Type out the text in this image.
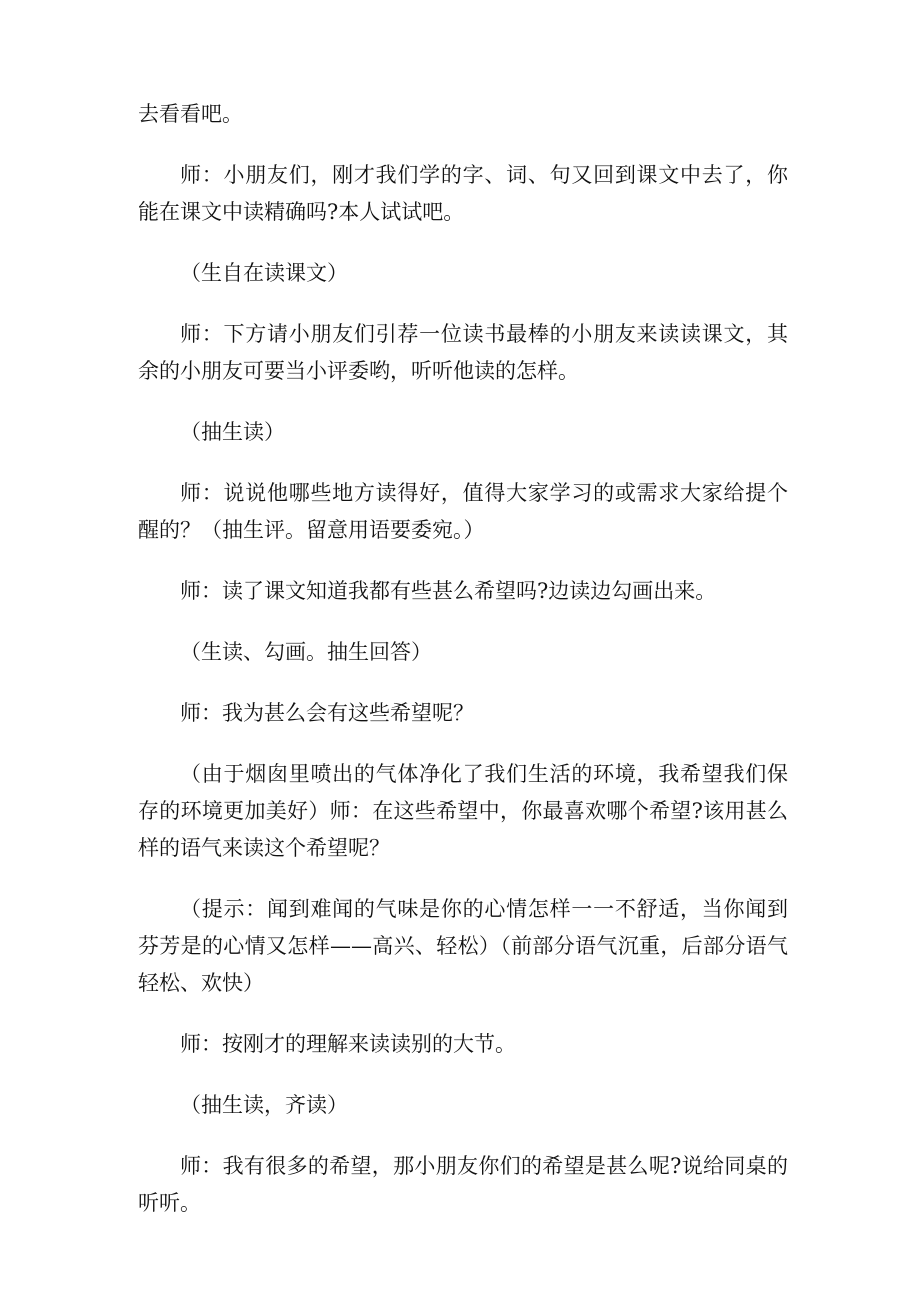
去看看吧。

师：小朋友们，刚才我们学的字、词、句又回到课文中去了，你能在课文中读精确吗?本人试试吧。

（生自在读课文）

师：下方请小朋友们引荐一位读书最棒的小朋友来读读课文，其余的小朋友可要当小评委哟，听听他读的怎样。

（抽生读）

师：说说他哪些地方读得好，值得大家学习的或需求大家给提个醒的？（抽生评。留意用语要委宛。）

师：读了课文知道我都有些甚么希望吗?边读边勾画出来。

（生读、勾画。抽生回答）

师：我为甚么会有这些希望呢？

（由于烟囱里喷出的气体净化了我们生活的环境，我希望我们保存的环境更加美好）师：在这些希望中，你最喜欢哪个希望?该用甚么样的语气来读这个希望呢？

（提示：闻到难闻的气味是你的心情怎样一一不舒适，当你闻到芬芳是的心情又怎样——高兴、轻松）（前部分语气沉重，后部分语气轻松、欢快）

师：按刚才的理解来读读别的大节。

（抽生读，齐读）

师：我有很多的希望，那小朋友你们的希望是甚么呢?说给同桌的听听。
